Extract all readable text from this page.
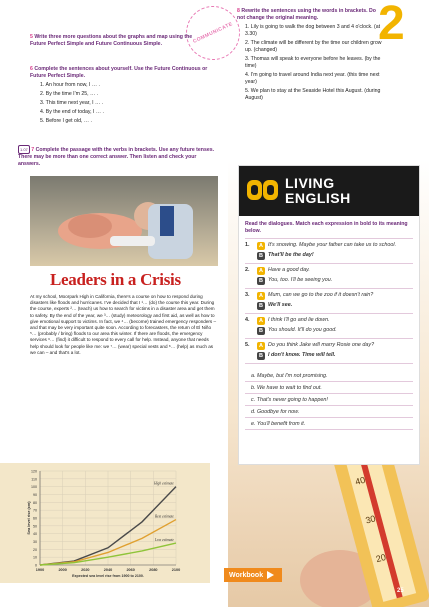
2
COMMUNICATE
5 Write three more questions about the graphs and map using the Future Perfect Simple and Future Continuous Simple.
6 Complete the sentences about yourself. Use the Future Continuous or Future Perfect Simple.
1. An hour from now, I … .
2. By the time I'm 25, … .
3. This time next year, I … .
4. By the end of today, I … .
5. Before I get old, … .
1.07 7 Complete the passage with the verbs in brackets. Use any future tenses. There may be more than one correct answer. Then listen and check your answers.
Leaders in a Crisis
At my school, Moorpark High in California, there's a course on how to respond during disasters like floods and hurricanes. I've decided that I ¹… (do) the course this year. During the course, experts ²… (teach) us how to search for victims in a disaster area and get them to safety. By the end of the year, we ³… (study) meteorology and first aid, as well as how to give emotional support to victims. In fact, we ⁴… (become) trained emergency responders – and that may be very important quite soon. According to forecasters, the return of El Niño ⁵… (probably / bring) floods to our area this winter. If there are floods, the emergency services ⁶… (find) it difficult to respond to every call for help. Instead, anyone that needs help should look for people like me: we ⁷… (wear) special vests and ⁸… (help) as much as we can – and that's a lot.
0
10
20
30
40
50
60
70
80
90
100
110
120
1900	2000	2020	2040	2060	2080	2100
Sea level rise (cm)
Expected sea level rise from 1900 to 2100.
High estimate
Best estimate
Low estimate
8 Rewrite the sentences using the words in brackets. Do not change the original meaning.
1. Lily is going to walk the dog between 3 and 4 o'clock. (at 3.30)
2. The climate will be different by the time our children grow up. (changed)
3. Thomas will speak to everyone before he leaves. (by the time)
4. I'm going to travel around India next year. (this time next year)
5. We plan to stay at the Seaside Hotel this August. (during August)
40
30
20
LIVING
ENGLISH
Read the dialogues. Match each expression in bold to its meaning below.
1.	A It's snowing. Maybe your father can take us to school.
B That'll be the day!
2.	A Have a good day.
B You, too. I'll be seeing you.
3.	A Mum, can we go to the zoo if it doesn't rain?
B We'll see.
4.	A I think I'll go and lie down.
B You should. It'll do you good.
5.	A Do you think Jake will marry Rosie one day?
B I don't know. Time will tell.
a. Maybe, but I'm not promising.
b. We have to wait to find out.
c. That's never going to happen!
d. Goodbye for now.
e. You'll benefit from it.
Workbook
25
